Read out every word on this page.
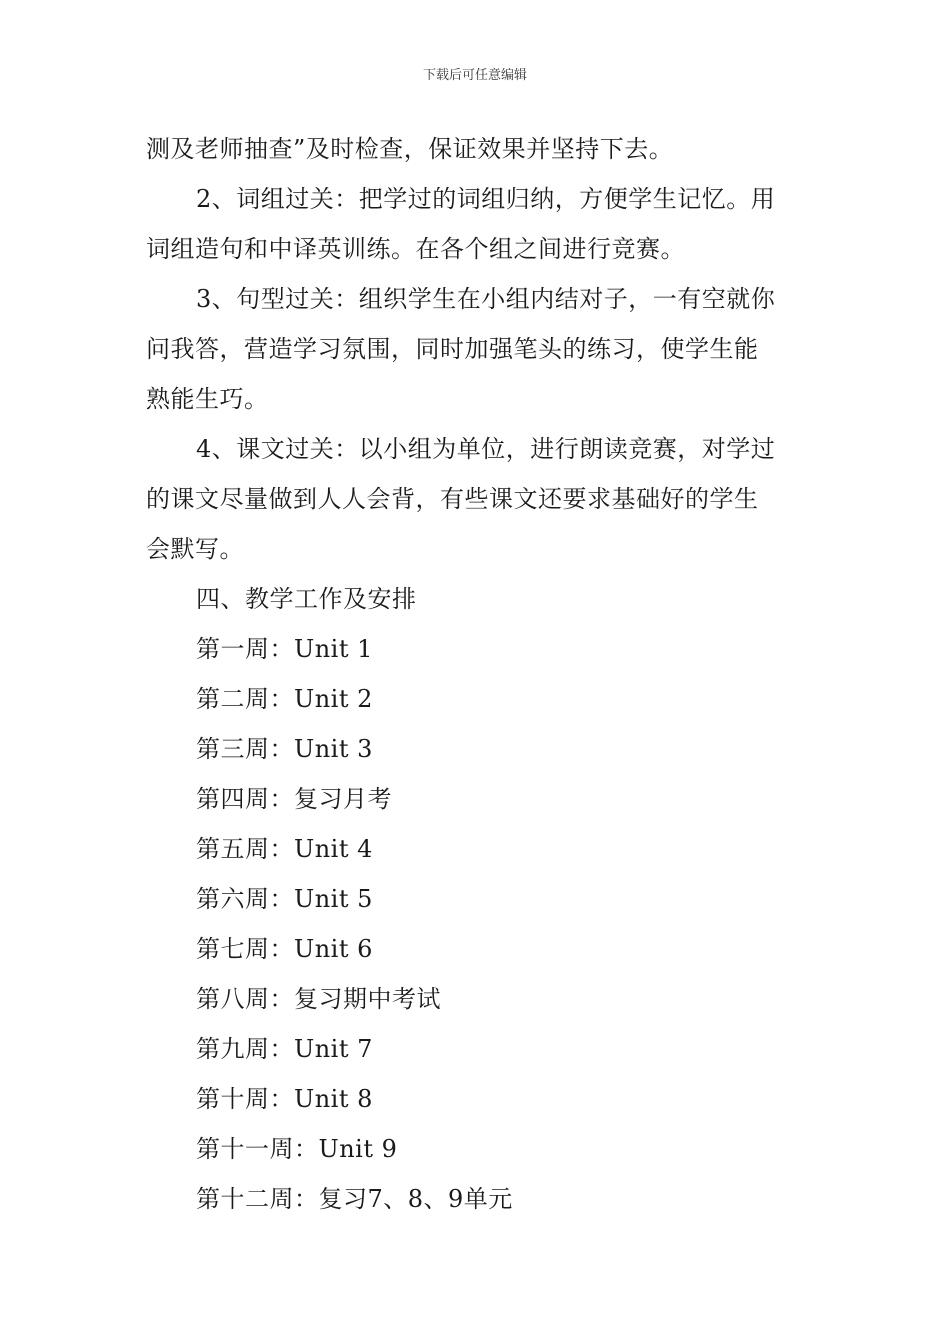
下载后可任意编辑
测及老师抽查”及时检查，保证效果并坚持下去。
2、词组过关：把学过的词组归纳，方便学生记忆。用
词组造句和中译英训练。在各个组之间进行竞赛。
3、句型过关：组织学生在小组内结对子，一有空就你
问我答，营造学习氛围，同时加强笔头的练习，使学生能
熟能生巧。
4、课文过关：以小组为单位，进行朗读竞赛，对学过
的课文尽量做到人人会背，有些课文还要求基础好的学生
会默写。
四、教学工作及安排
第一周：Unit 1
第二周：Unit 2
第三周：Unit 3
第四周：复习月考
第五周：Unit 4
第六周：Unit 5
第七周：Unit 6
第八周：复习期中考试
第九周：Unit 7
第十周：Unit 8
第十一周：Unit 9
第十二周：复习7、8、9单元
